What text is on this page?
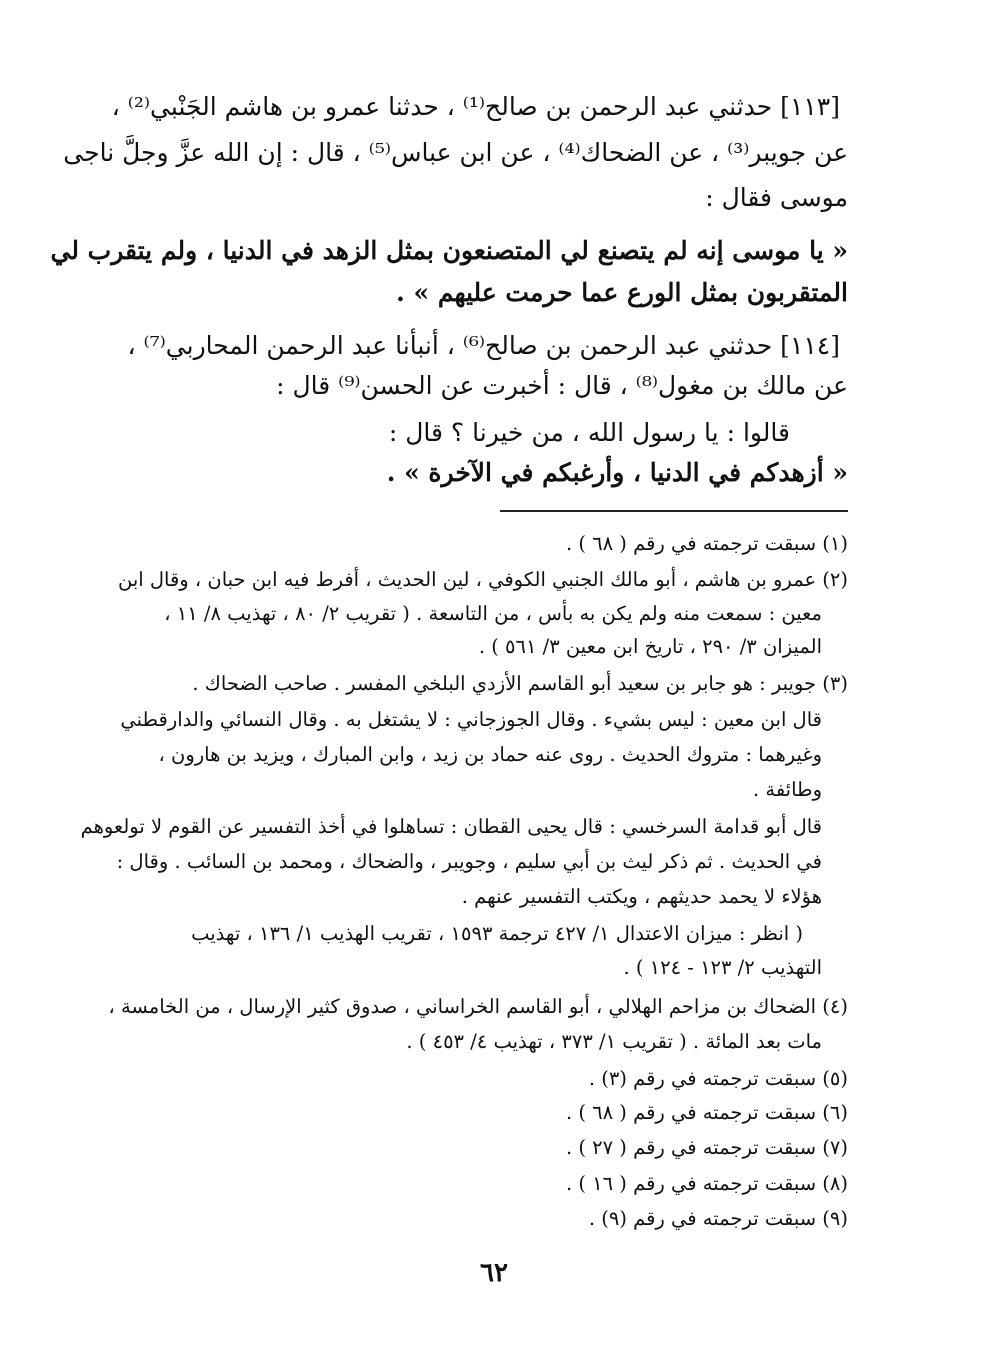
[١١٣] حدثني عبد الرحمن بن صالح⁽¹⁾ ، حدثنا عمرو بن هاشم الجَنْبي⁽²⁾ ،
عن جويبر⁽³⁾ ، عن الضحاك⁽⁴⁾ ، عن ابن عباس⁽⁵⁾ ، قال : إن الله عزَّ وجلَّ ناجى
موسى فقال :
« يا موسى إنه لم يتصنع لي المتصنعون بمثل الزهد في الدنيا ، ولم يتقرب لي
المتقربون بمثل الورع عما حرمت عليهم » .
[١١٤] حدثني عبد الرحمن بن صالح⁽⁶⁾ ، أنبأنا عبد الرحمن المحاربي⁽⁷⁾ ،
عن مالك بن مغول⁽⁸⁾ ، قال : أخبرت عن الحسن⁽⁹⁾ قال :
قالوا : يا رسول الله ، من خيرنا ؟ قال :
« أزهدكم في الدنيا ، وأرغبكم في الآخرة » .
(١) سبقت ترجمته في رقم ( ٦٨ ) .
(٢) عمرو بن هاشم ، أبو مالك الجنبي الكوفي ، لين الحديث ، أفرط فيه ابن حبان ، وقال ابن
معين : سمعت منه ولم يكن به بأس ، من التاسعة . ( تقريب ٢/ ٨٠ ، تهذيب ٨/ ١١ ،
الميزان ٣/ ٢٩٠ ، تاريخ ابن معين ٣/ ٥٦١ ) .
(٣) جويبر : هو جابر بن سعيد أبو القاسم الأزدي البلخي المفسر . صاحب الضحاك .
قال ابن معين : ليس بشيء . وقال الجوزجاني : لا يشتغل به . وقال النسائي والدارقطني
وغيرهما : متروك الحديث . روى عنه حماد بن زيد ، وابن المبارك ، ويزيد بن هارون ،
وطائفة .
قال أبو قدامة السرخسي : قال يحيى القطان : تساهلوا في أخذ التفسير عن القوم لا تولعوهم
في الحديث . ثم ذكر ليث بن أبي سليم ، وجويبر ، والضحاك ، ومحمد بن السائب . وقال :
هؤلاء لا يحمد حديثهم ، ويكتب التفسير عنهم .
( انظر : ميزان الاعتدال ١/ ٤٢٧ ترجمة ١٥٩٣ ، تقريب الهذيب ١/ ١٣٦ ، تهذيب
التهذيب ٢/ ١٢٣ - ١٢٤ ) .
(٤) الضحاك بن مزاحم الهلالي ، أبو القاسم الخراساني ، صدوق كثير الإرسال ، من الخامسة ،
مات بعد المائة . ( تقريب ١/ ٣٧٣ ، تهذيب ٤/ ٤٥٣ ) .
(٥) سبقت ترجمته في رقم (٣) .
(٦) سبقت ترجمته في رقم ( ٦٨ ) .
(٧) سبقت ترجمته في رقم ( ٢٧ ) .
(٨) سبقت ترجمته في رقم ( ١٦ ) .
(٩) سبقت ترجمته في رقم (٩) .
٦٢
